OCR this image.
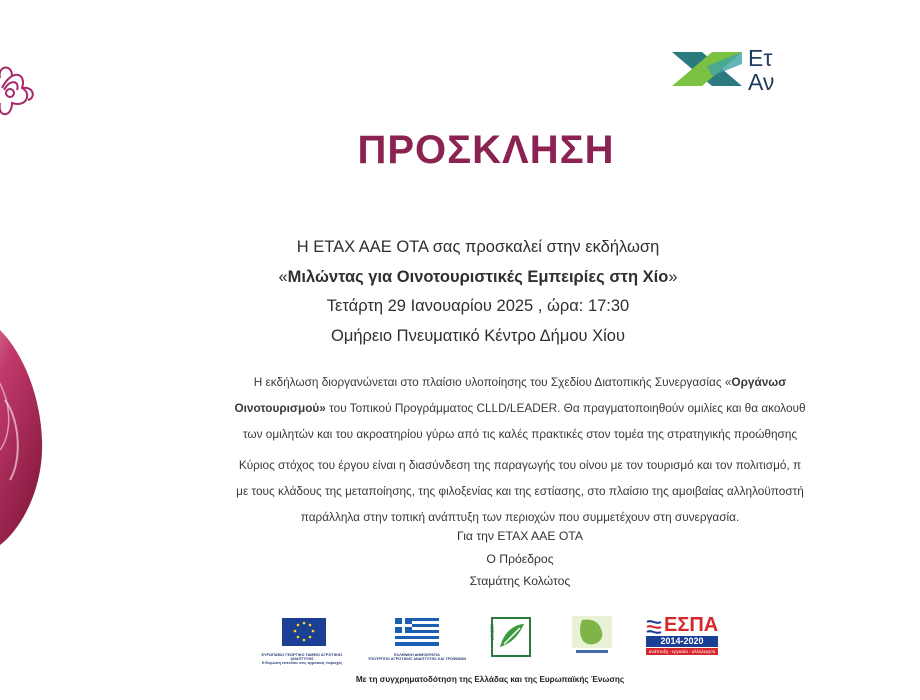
Ετ
Αν
ΠΡΟΣΚΛΗΣΗ
Η ΕΤΑΧ ΑΑΕ ΟΤΑ σας προσκαλεί στην εκδήλωση
«Μιλώντας για Οινοτουριστικές Εμπειρίες στη Χίο»
Τετάρτη 29 Ιανουαρίου 2025 , ώρα: 17:30
Ομήρειο Πνευματικό Κέντρο Δήμου Χίου
Η εκδήλωση διοργανώνεται στο πλαίσιο υλοποίησης του Σχεδίου Διατοπικής Συνεργασίας «Οργάνωσ
Οινοτουρισμού» του Τοπικού Προγράμματος CLLD/LEADER. Θα πραγματοποιηθούν ομιλίες και θα ακολουθ
των ομιλητών και του ακροατηρίου γύρω από τις καλές πρακτικές στον τομέα της στρατηγικής προώθησης
Κύριος στόχος του έργου είναι η διασύνδεση της παραγωγής του οίνου με τον τουρισμό και τον πολιτισμό, π
με τους κλάδους της μεταποίησης, της φιλοξενίας και της εστίασης, στο πλαίσιο της αμοιβαίας αλληλοϋποστή
παράλληλα στην τοπική ανάπτυξη των περιοχών που συμμετέχουν στη συνεργασία.
Για την ΕΤΑΧ ΑΑΕ ΟΤΑ
Ο Πρόεδρος
Σταμάτης Κολώτος
ΕΥΡΩΠΑΪΚΟ ΓΕΩΡΓΙΚΟ ΤΑΜΕΙΟ ΑΓΡΟΤΙΚΗΣ ΑΝΑΠΤΥΞΗΣ
Η Ευρώπη επενδύει στις αγροτικές περιοχές
ΕΛΛΗΝΙΚΗ ΔΗΜΟΚΡΑΤΙΑ
ΥΠΟΥΡΓΕΙΟ ΑΓΡΟΤΙΚΗΣ ΑΝΑΠΤΥΞΗΣ ΚΑΙ ΤΡΟΦΙΜΩΝ
LEADER	ΕΣΠΑ
2014-2020
ανάπτυξη - εργασία - αλληλεγγύη
Με τη συγχρηματοδότηση της Ελλάδας και της Ευρωπαϊκής Ένωσης
